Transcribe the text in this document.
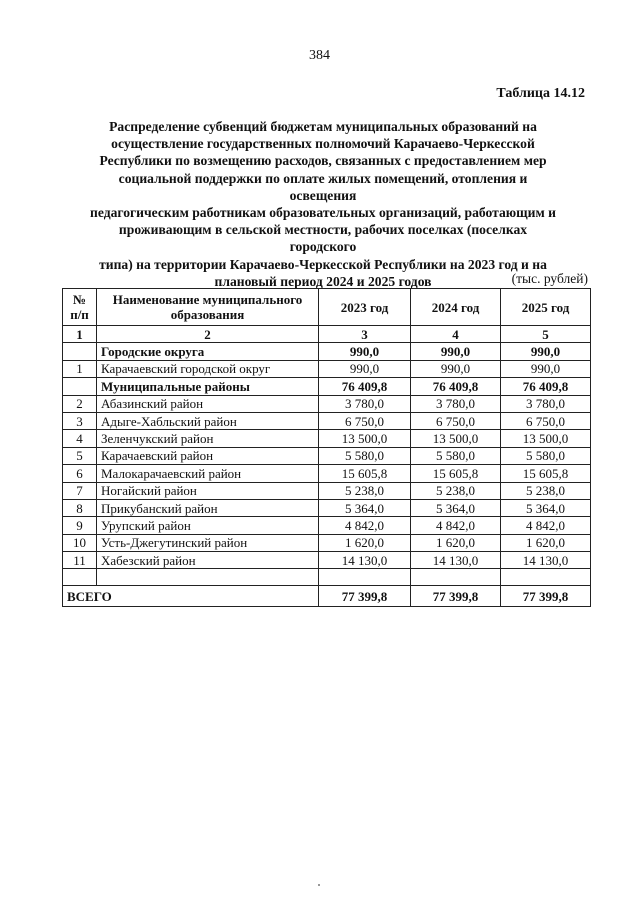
384
Таблица 14.12
Распределение субвенций бюджетам муниципальных образований на
осуществление государственных полномочий Карачаево-Черкесской
Республики по возмещению расходов, связанных с предоставлением мер
социальной поддержки по оплате жилых помещений, отопления и освещения
педагогическим работникам образовательных организаций, работающим и
проживающим в сельской местности, рабочих поселках (поселках городского
типа) на территории Карачаево-Черкесской Республики на 2023 год и на
плановый период 2024 и 2025 годов	(тыс. рублей)
№ п/п	Наименование муниципального образования	2023 год	2024 год	2025 год
1	2	3	4	5
	Городские округа	990,0	990,0	990,0
1	Карачаевский городской округ	990,0	990,0	990,0
	Муниципальные районы	76 409,8	76 409,8	76 409,8
2	Абазинский район	3 780,0	3 780,0	3 780,0
3	Адыге-Хабльский район	6 750,0	6 750,0	6 750,0
4	Зеленчукский район	13 500,0	13 500,0	13 500,0
5	Карачаевский район	5 580,0	5 580,0	5 580,0
6	Малокарачаевский район	15 605,8	15 605,8	15 605,8
7	Ногайский район	5 238,0	5 238,0	5 238,0
8	Прикубанский район	5 364,0	5 364,0	5 364,0
9	Урупский район	4 842,0	4 842,0	4 842,0
10	Усть-Джегутинский район	1 620,0	1 620,0	1 620,0
11	Хабезский район	14 130,0	14 130,0	14 130,0

ВСЕГО		77 399,8	77 399,8	77 399,8
